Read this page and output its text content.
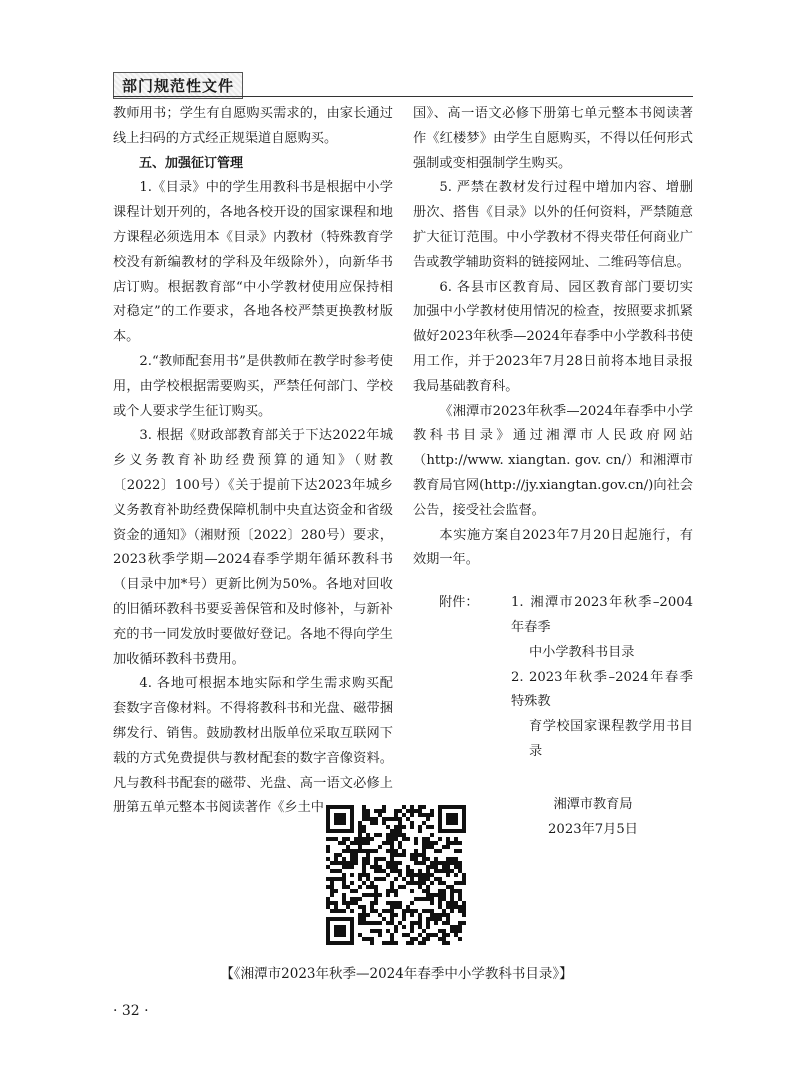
部门规范性文件

教师用书；学生有自愿购买需求的，由家长通过线上扫码的方式经正规渠道自愿购买。

五、加强征订管理

1.《目录》中的学生用教科书是根据中小学课程计划开列的，各地各校开设的国家课程和地方课程必须选用本《目录》内教材（特殊教育学校没有新编教材的学科及年级除外），向新华书店订购。根据教育部“中小学教材使用应保持相对稳定”的工作要求，各地各校严禁更换教材版本。

2.“教师配套用书”是供教师在教学时参考使用，由学校根据需要购买，严禁任何部门、学校或个人要求学生征订购买。

3. 根据《财政部教育部关于下达2022年城乡义务教育补助经费预算的通知》（财教〔2022〕100号）《关于提前下达2023年城乡义务教育补助经费保障机制中央直达资金和省级资金的通知》（湘财预〔2022〕280号）要求，2023秋季学期—2024春季学期年循环教科书（目录中加*号）更新比例为50%。各地对回收的旧循环教科书要妥善保管和及时修补，与新补充的书一同发放时要做好登记。各地不得向学生加收循环教科书费用。

4. 各地可根据本地实际和学生需求购买配套数字音像材料。不得将教科书和光盘、磁带捆绑发行、销售。鼓励教材出版单位采取互联网下载的方式免费提供与教材配套的数字音像资料。凡与教科书配套的磁带、光盘、高一语文必修上册第五单元整本书阅读著作《乡土中

国》、高一语文必修下册第七单元整本书阅读著作《红楼梦》由学生自愿购买，不得以任何形式强制或变相强制学生购买。

5. 严禁在教材发行过程中增加内容、增删册次、搭售《目录》以外的任何资料，严禁随意扩大征订范围。中小学教材不得夹带任何商业广告或教学辅助资料的链接网址、二维码等信息。

6. 各县市区教育局、园区教育部门要切实加强中小学教材使用情况的检查，按照要求抓紧做好2023年秋季—2024年春季中小学教科书使用工作，并于2023年7月28日前将本地目录报我局基础教育科。

《湘潭市2023年秋季—2024年春季中小学教科书目录》通过湘潭市人民政府网站（http://www. xiangtan. gov. cn/）和湘潭市教育局官网(http://jy.xiangtan.gov.cn/)向社会公告，接受社会监督。

本实施方案自2023年7月20日起施行，有效期一年。

附件：	1. 湘潭市2023年秋季–2004年春季
中小学教科书目录
2. 2023年秋季–2024年春季特殊教
育学校国家课程教学用书目录
湘潭市教育局
2023年7月5日
【《湘潭市2023年秋季—2024年春季中小学教科书目录》】
· 32 ·
